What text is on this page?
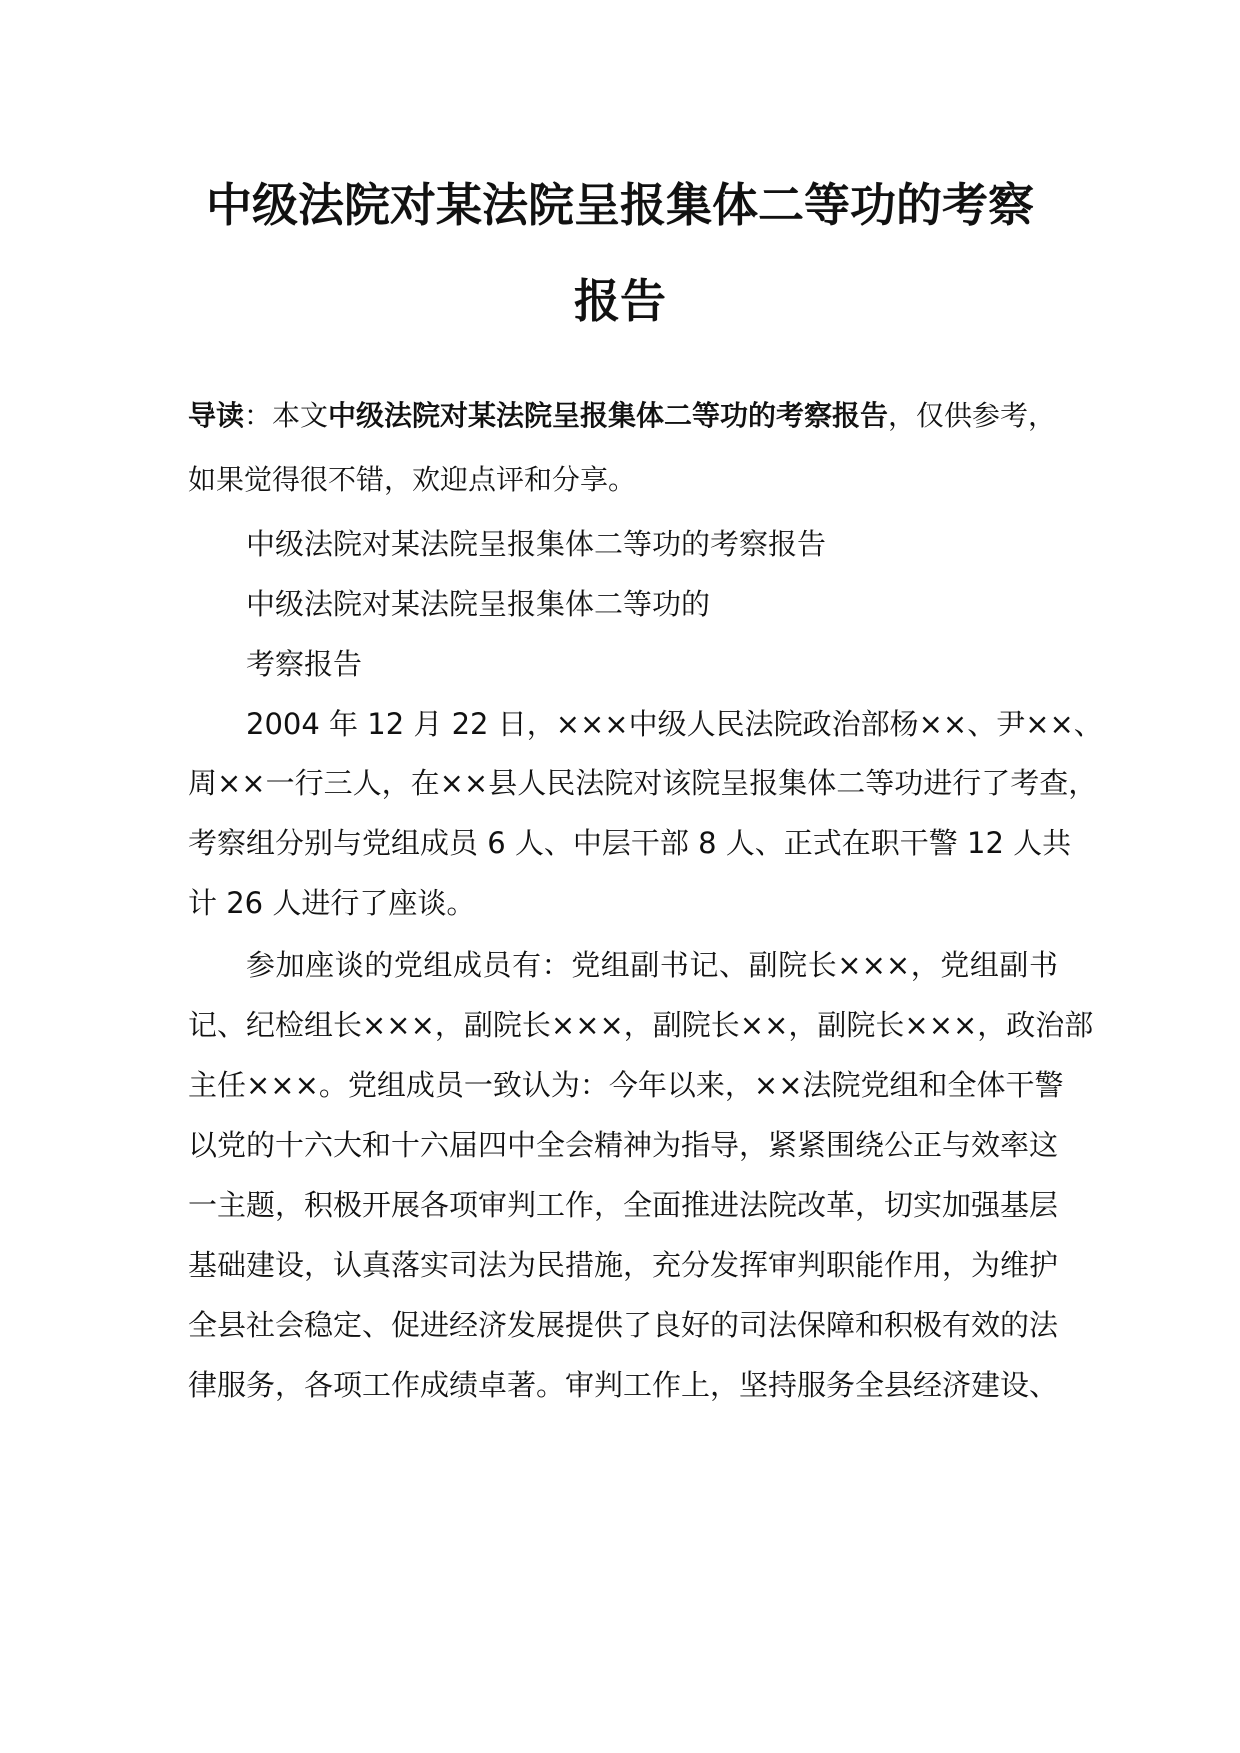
中级法院对某法院呈报集体二等功的考察
报告
导读：本文中级法院对某法院呈报集体二等功的考察报告，仅供参考，
如果觉得很不错，欢迎点评和分享。
中级法院对某法院呈报集体二等功的考察报告
中级法院对某法院呈报集体二等功的
考察报告
2004 年 12 月 22 日，×××中级人民法院政治部杨××、尹××、
周××一行三人，在××县人民法院对该院呈报集体二等功进行了考查，
考察组分别与党组成员 6 人、中层干部 8 人、正式在职干警 12 人共
计 26 人进行了座谈。
参加座谈的党组成员有：党组副书记、副院长×××，党组副书
记、纪检组长×××，副院长×××，副院长××，副院长×××，政治部
主任×××。党组成员一致认为：今年以来，××法院党组和全体干警
以党的十六大和十六届四中全会精神为指导，紧紧围绕公正与效率这
一主题，积极开展各项审判工作，全面推进法院改革，切实加强基层
基础建设，认真落实司法为民措施，充分发挥审判职能作用，为维护
全县社会稳定、促进经济发展提供了良好的司法保障和积极有效的法
律服务，各项工作成绩卓著。审判工作上，坚持服务全县经济建设、
